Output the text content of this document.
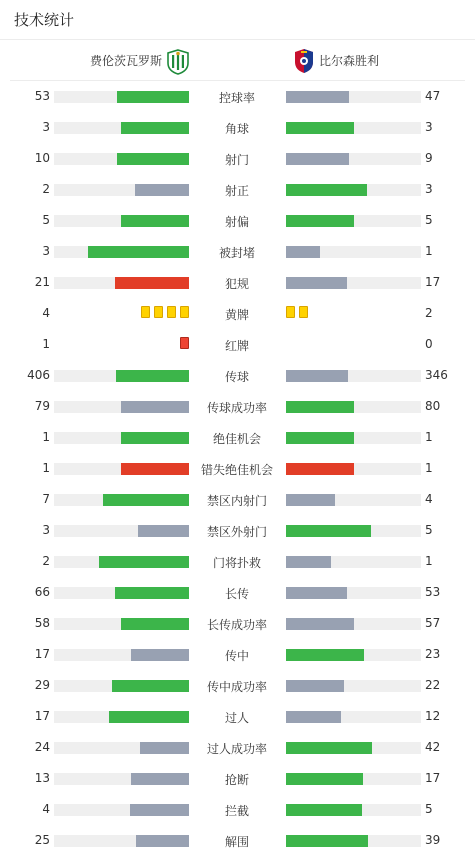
技术统计
费伦茨瓦罗斯	比尔森胜利
53	控球率	47
3	角球	3
10	射门	9
2	射正	3
5	射偏	5
3	被封堵	1
21	犯规	17
4	黄牌	2
1	红牌	0
406	传球	346
79	传球成功率	80
1	绝佳机会	1
1	错失绝佳机会	1
7	禁区内射门	4
3	禁区外射门	5
2	门将扑救	1
66	长传	53
58	长传成功率	57
17	传中	23
29	传中成功率	22
17	过人	12
24	过人成功率	42
13	抢断	17
4	拦截	5
25	解围	39
